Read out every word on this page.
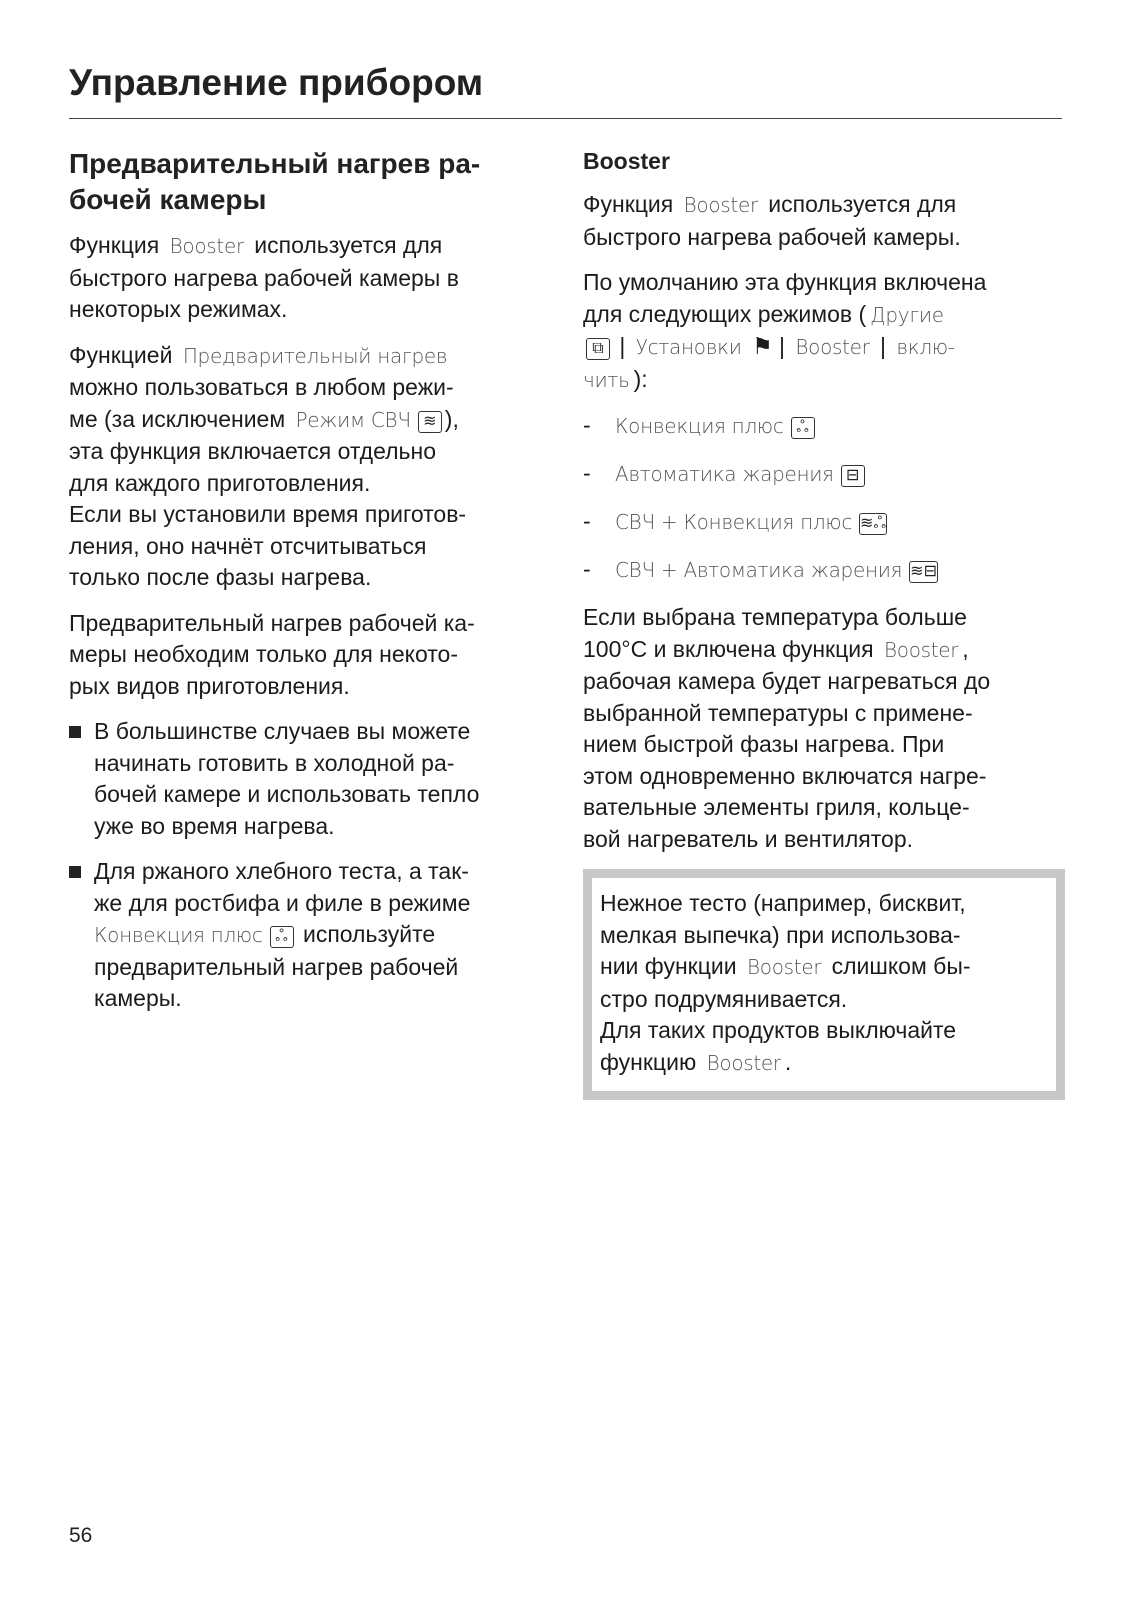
Управление прибором
Предварительный нагрев ра-
бочей камеры
Функция Booster используется для
быстрого нагрева рабочей камеры в
некоторых режимах.
Функцией Предварительный нагрев
можно пользоваться в любом режи-
ме (за исключением Режим СВЧ ≋ ),
эта функция включается отдельно
для каждого приготовления.
Если вы установили время приготов-
ления, оно начнёт отсчитываться
только после фазы нагрева.
Предварительный нагрев рабочей ка-
меры необходим только для некото-
рых видов приготовления.
В большинстве случаев вы можете
начинать готовить в холодной ра-
бочей камере и использовать тепло
уже во время нагрева.
Для ржаного хлебного теста, а так-
же для ростбифа и филе в режиме
Конвекция плюс ஃ используйте
предварительный нагрев рабочей
камеры.
Booster
Функция Booster используется для
быстрого нагрева рабочей камеры.
По умолчанию эта функция включена
для следующих режимов ( Другие
⧉ | Установки ⚑ | Booster | вклю-
чить ):
- Конвекция плюс ஃ
- Автоматика жарения ⊟
- СВЧ + Конвекция плюс ≋ஃ
- СВЧ + Автоматика жарения ≋⊟
Если выбрана температура больше
100°C и включена функция Booster ,
рабочая камера будет нагреваться до
выбранной температуры с примене-
нием быстрой фазы нагрева. При
этом одновременно включатся нагре-
вательные элементы гриля, кольце-
вой нагреватель и вентилятор.
Нежное тесто (например, бисквит,
мелкая выпечка) при использова-
нии функции Booster слишком бы-
стро подрумянивается.
Для таких продуктов выключайте
функцию Booster .
56
